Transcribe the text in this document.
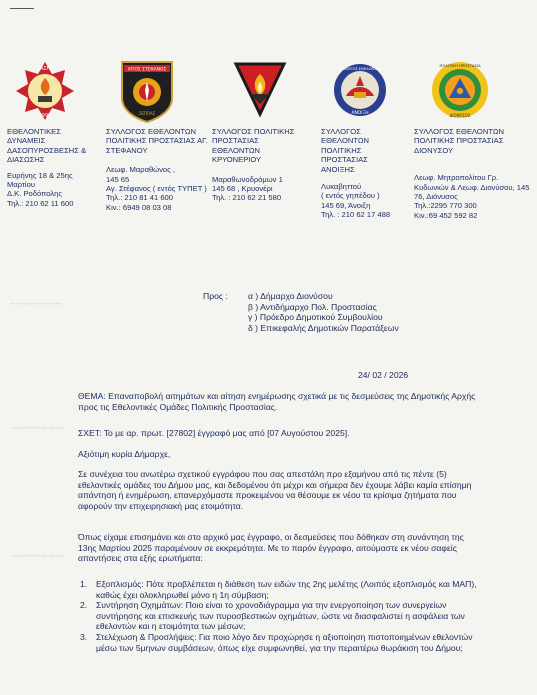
~~~~~~~
~~~~~~~
~~~~~~~
ΔΑΣΗΣ
1997
ΑΓΙΟΣ ΣΤΕΦΑΝΟΣ
ΣΕΠΠΑΣ
ΣΥΛΛΟΓΟΣ ΕΘΕΛΟΝΤΩΝ
ΑΝΟΙΞΗ
ΠΟΛΙΤΙΚΗ ΠΡΟΣΤΑΣΙΑ
ΔΙΟΝΥΣΟΣ
ΕΘΕΛΟΝΤΙΚΕΣ ΔΥΝΑΜΕΙΣ ΔΑΣΟΠΥΡΟΣΒΕΣΗΣ & ΔΙΑΣΩΣΗΣ
Ευρήνης 18 & 25ης Μαρτίου
Δ.Κ. Ροδόπολης
Τηλ.: 210 62 11 600
ΣΥΛΛΟΓΟΣ ΕΘΕΛΟΝΤΩΝ ΠΟΛΙΤΙΚΗΣ ΠΡΟΣΤΑΣΙΑΣ ΑΓ. ΣΤΕΦΑΝΟΥ
Λεωφ. Μαραθώνος ,
145 65
Αγ. Στέφανος ( εντός ΤΥΠΕΤ )
Τηλ.: 210 81 41 600
Κιν.: 6949 08 03 08
ΣΥΛΛΟΓΟΣ ΠΟΛΙΤΙΚΗΣ ΠΡΟΣΤΑΣΙΑΣ ΕΘΕΛΟΝΤΩΝ ΚΡΥΟΝΕΡΙΟΥ
Μαραθωνοδρόμων 1
145 68 , Κρυονέρι
Τηλ. : 210 62 21 580
ΣΥΛΛΟΓΟΣ ΕΘΕΛΟΝΤΩΝ ΠΟΛΙΤΙΚΗΣ ΠΡΟΣΤΑΣΙΑΣ ΑΝΟΙΞΗΣ
Λυκαβηττού
( εντός γηπέδου )
145 69, Άνοιξη
Τηλ. : 210 62 17 488
ΣΥΛΛΟΓΟΣ ΕΘΕΛΟΝΤΩΝ ΠΟΛΙΤΙΚΗΣ ΠΡΟΣΤΑΣΙΑΣ ΔΙΟΝΥΣΟΥ
Λεωφ. Μητροπολίτου Γρ. Κυδωνιών & Λεωφ. Διονύσου, 145 76, Διόνυσος
Τηλ.:2295 770 300
Κιν.:69 452 592 82
Προς : α ) Δήμαρχο Διονύσου
β ) Αντιδήμαρχο Πολ. Προστασίας
γ ) Πρόεδρο Δημοτικού Συμβουλίου
δ ) Επικεφαλής Δημοτικών Παρατάξεων
24/ 02 / 2026
ΘΕΜΑ: Επαναποβολή αιτημάτων και αίτηση ενημέρωσης σχετικά με τις δεσμεύσεις της Δημοτικής Αρχής προς τις Εθελοντικές Ομάδες Πολιτικής Προστασίας.
ΣΧΕΤ: Το με αρ. πρωτ. [27802] έγγραφό μας από [07 Αυγούστου 2025].
Αξιότιμη κυρία Δήμαρχε,
Σε συνέχεια του ανωτέρω σχετικού εγγράφου που σας απεστάλη προ εξαμήνου από τις πέντε (5) εθελοντικές ομάδες του Δήμου μας, και δεδομένου ότι μέχρι και σήμερα δεν έχουμε λάβει καμία επίσημη απάντηση ή ενημέρωση, επανερχόμαστε προκειμένου να θέσουμε εκ νέου τα κρίσιμα ζητήματα που αφορούν την επιχειρησιακή μας ετοιμότητα.
Όπως είχαμε επισημάνει και στο αρχικό μας έγγραφο, οι δεσμεύσεις που δόθηκαν στη συνάντηση της 13ης Μαρτίου 2025 παραμένουν σε εκκρεμότητα. Με το παρόν έγγραφο, αιτούμαστε εκ νέου σαφείς απαντήσεις στα εξής ερωτήματα:
1. Εξοπλισμός: Πότε προβλέπεται η διάθεση των ειδών της 2ης μελέτης (Λοιπός εξοπλισμός και ΜΑΠ), καθώς έχει ολοκληρωθεί μόνο η 1η σύμβαση;
2. Συντήρηση Οχημάτων: Ποιο είναι το χρονοδιάγραμμα για την ενεργοποίηση των συνεργείων συντήρησης και επισκευής των πυροσβεστικών οχημάτων, ώστε να διασφαλιστεί η ασφάλεια των εθελοντών και η ετοιμότητα των μέσων;
3. Στελέχωση & Προσλήψεις: Για ποιο λόγο δεν προχώρησε η αξιοποίηση πιστοποιημένων εθελοντών μέσω των 5μηνων συμβάσεων, όπως είχε συμφωνηθεί, για την περαιτέρω θωράκιση του Δήμου;
